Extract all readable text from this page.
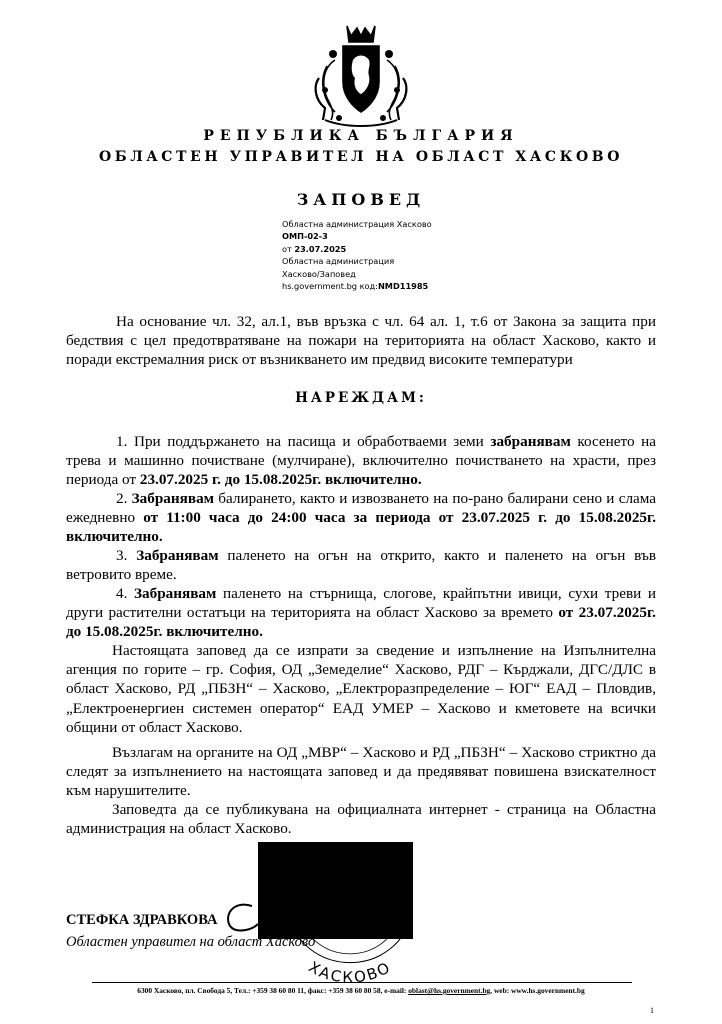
РЕПУБЛИКА БЪЛГАРИЯ
ОБЛАСТЕН УПРАВИТЕЛ НА ОБЛАСТ ХАСКОВО
ЗАПОВЕД
Областна администрация Хасково
ОМП-02-3
от 23.07.2025
Областна администрация
Хасково/Заповед
hs.government.bg код:NMD11985

На основание чл. 32, ал.1, във връзка с чл. 64 ал. 1, т.6 от Закона за защита при бедствия с цел предотвратяване на пожари на територията на област Хасково, както и поради екстремалния риск от възникването им предвид високите температури

НАРЕЖДАМ:

1. При поддържането на пасища и обработваеми земи забранявам косенето на трева и машинно почистване (мулчиране), включително почистването на храсти, през периода от 23.07.2025 г. до 15.08.2025г. включително.

2. Забранявам балирането, както и извозването на по-рано балирани сено и слама ежедневно от 11:00 часа до 24:00 часа за периода от 23.07.2025 г. до 15.08.2025г. включително.

3. Забранявам паленето на огън на открито, както и паленето на огън във ветровито време.

4. Забранявам паленето на стърнища, слогове, крайпътни ивици, сухи треви и други растителни остатъци на територията на област Хасково за времето от 23.07.2025г. до 15.08.2025г. включително.

Настоящата заповед да се изпрати за сведение и изпълнение на Изпълнителна агенция по горите – гр. София, ОД „Земеделие“ Хасково, РДГ – Кърджали, ДГС/ДЛС в област Хасково, РД „ПБЗН“ – Хасково, „Електроразпределение – ЮГ“ ЕАД – Пловдив, „Електроенергиен системен оператор“ ЕАД УМЕР – Хасково и кметовете на всички общини от област Хасково.

Възлагам на органите на ОД „МВР“ – Хасково и РД „ПБЗН“ – Хасково стриктно да следят за изпълнението на настоящата заповед и да предявяват повишена взискателност към нарушителите.

Заповедта да се публикувана на официалната интернет - страница на Областна администрация на област Хасково.

ХАСКОВО
*
СТЕФКА ЗДРАВКОВА
Областен управител на област Хасково
6300 Хасково, пл. Свобода 5, Тел.: +359 38 60 80 11, факс: +359 38 60 80 58, e-mail: oblast@hs.government.bg, web: www.hs.government.bg
1
